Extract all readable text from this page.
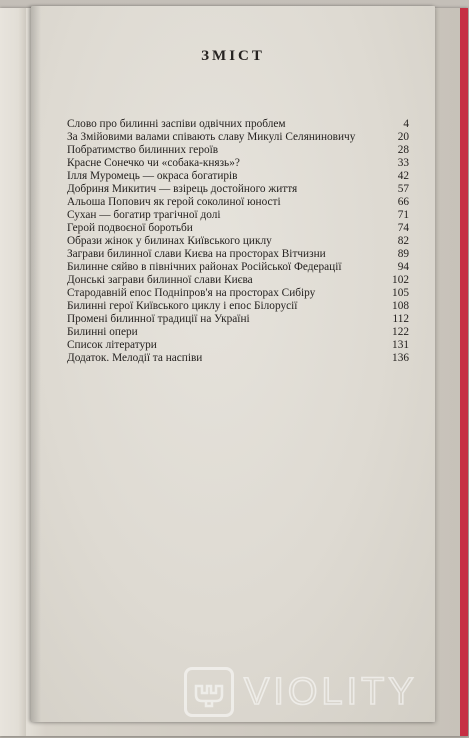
ЗМІСТ
Слово про билинні заспіви одвічних проблем	4
За Змійовими валами співають славу Микулі Селяниновичу	20
Побратимство билинних героїв	28
Красне Сонечко чи «собака-князь»?	33
Ілля Муромець — окраса богатирів	42
Добриня Микитич — взірець достойного життя	57
Альоша Попович як герой соколиної юності	66
Сухан — богатир трагічної долі	71
Герой подвоєної боротьби	74
Образи жінок у билинах Київського циклу	82
Заграви билинної слави Києва на просторах Вітчизни	89
Билинне сяйво в північних районах Російської Федерації	94
Донські заграви билинної слави Києва	102
Стародавній епос Подніпров'я на просторах Сибіру	105
Билинні герої Київського циклу і епос Білорусії	108
Промені билинної традиції на Україні	112
Билинні опери	122
Список літератури	131
Додаток. Мелодії та наспіви	136
VIOLITY
